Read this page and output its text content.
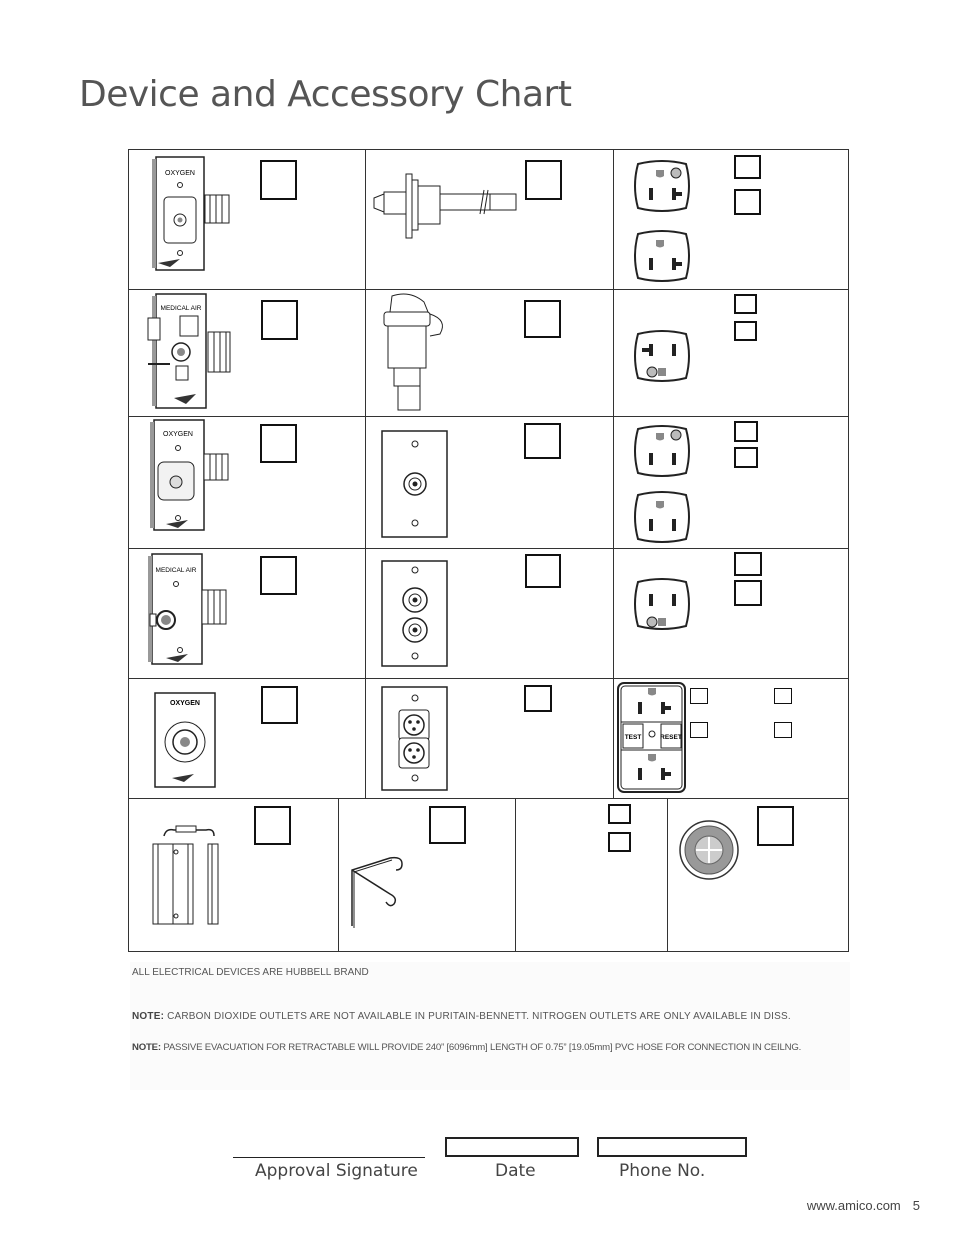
Device and Accessory Chart
OXYGEN
MEDICAL AIR
OXYGEN
MEDICAL AIR
OXYGEN
TEST	RESET
ALL ELECTRICAL DEVICES ARE HUBBELL BRAND
NOTE: CARBON DIOXIDE OUTLETS ARE NOT AVAILABLE IN PURITAIN-BENNETT. NITROGEN OUTLETS ARE ONLY AVAILABLE IN DISS.
NOTE: PASSIVE EVACUATION FOR RETRACTABLE WILL PROVIDE 240” [6096mm] LENGTH OF 0.75” [19.05mm] PVC HOSE FOR CONNECTION IN CEILNG.
Approval Signature	Date	Phone No.
www.amico.com 5
